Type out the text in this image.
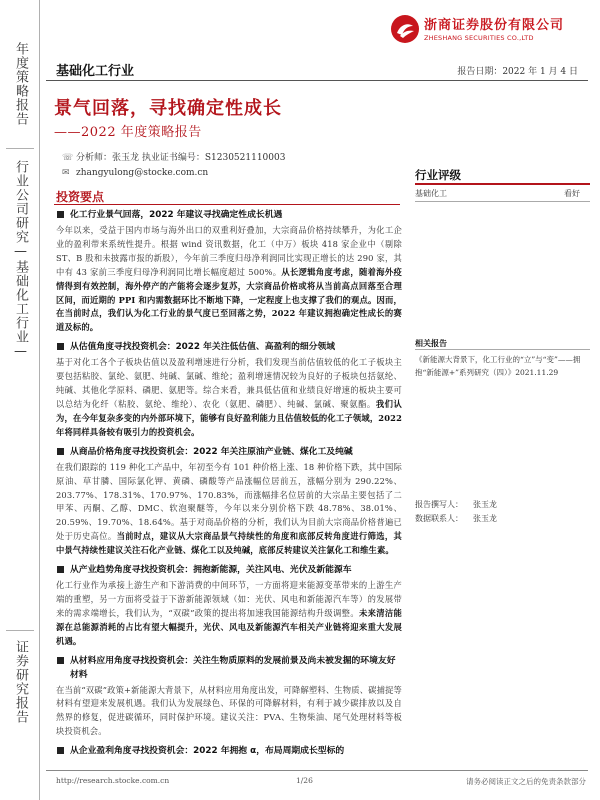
年度策略报告
行业公司研究—基础化工行业—
证券研究报告
浙商证券股份有限公司
ZHESHANG SECURITIES CO.,LTD
基础化工行业	报告日期：2022 年 1 月 4 日
景气回落，寻找确定性成长
——2022 年度策略报告
☏ 分析师：张玉龙 执业证书编号：S1230521110003
✉ zhangyulong@stocke.com.cn	行业评级
基础化工	看好
相关报告
《新能源大背景下，化工行业的“立”与“变”——拥抱“新能源+”系列研究（四）》2021.11.29
报告撰写人： 张玉龙
数据联系人： 张玉龙
投资要点
化工行业景气回落，2022 年建议寻找确定性成长机遇
今年以来，受益于国内市场与海外出口的双重利好叠加，大宗商品价格持续攀升，为化工企业的盈利带来系统性提升。根据 wind 资讯数据，化工（中万）板块 418 家企业中（剔除 ST、B 股和未披露市报的新股），今年前三季度归母净利润同比实现正增长的达 290 家，其中有 43 家前三季度归母净利润同比增长幅度超过 500%。从长逻辑角度考虑，随着海外疫情得到有效控制，海外停产的产能将会逐步复苏，大宗商品价格或将从当前高点回落至合理区间，而近期的 PPI 和内需数据环比不断地下降，一定程度上也支撑了我们的观点。因而，在当前时点，我们认为化工行业的景气度已至回落之势，2022 年建议拥抱确定性成长的赛道及标的。
从估值角度寻找投资机会：2022 年关注低估值、高盈利的细分领域
基于对化工各个子板块估值以及盈利增速进行分析，我们发现当前估值较低的化工子板块主要包括粘胶、氯纶、氨肥、纯碱、氯碱、维纶；盈利增速情况较为良好的子板块包括氨纶、纯碱、其他化学原料、磷肥、氨肥等。综合来看，兼具低估值和业绩良好增速的板块主要可以总结为化纤（粘胶、氨纶、维纶）、农化（氨肥、磷肥）、纯碱、氯碱、聚氨酯。我们认为，在今年复杂多变的内外部环境下，能够有良好盈利能力且估值较低的化工子领域，2022 年将同样具备较有吸引力的投资机会。
从商品价格角度寻找投资机会：2022 年关注原油产业链、煤化工及纯碱
在我们跟踪的 119 种化工产品中，年初至今有 101 种价格上涨、18 种价格下跌，其中国际原油、草甘膦、国际氯化钾、黄磷、磷酸等产品涨幅位居前五，涨幅分别为 290.22%、203.77%、178.31%、170.97%、170.83%，而涨幅排名位居前的大宗品主要包括了二甲苯、丙酮、乙醇、DMC、软泡聚醚等，今年以来分别价格下跌 48.78%、38.01%、20.59%、19.70%、18.64%。基于对商品价格的分析，我们认为目前大宗商品价格普遍已处于历史高位。当前时点，建议从大宗商品景气持续性的角度和底部反转角度进行筛选，其中景气持续性建议关注石化产业链、煤化工以及纯碱，底部反转建议关注氯化工和维生素。
从产业趋势角度寻找投资机会：拥抱新能源，关注风电、光伏及新能源车
化工行业作为承接上游生产和下游消费的中间环节，一方面将迎来能源变革带来的上游生产端的重塑，另一方面将受益于下游新能源领域（如：光伏、风电和新能源汽车等）的发展带来的需求端增长，我们认为，“双碳”政策的提出将加速我国能源结构升级调整。未来清洁能源在总能源消耗的占比有望大幅提升，光伏、风电及新能源汽车相关产业链将迎来重大发展机遇。
从材料应用角度寻找投资机会：关注生物质原料的发展前景及尚未被发掘的环境友好材料
在当前“双碳”政策+新能源大背景下，从材料应用角度出发，可降解塑料、生物质、碳捕捉等材料有望迎来发展机遇。我们认为发展绿色、环保的可降解材料，有利于减少碳排放以及自然界的修复，促进碳循环，同时保护环境。建议关注：PVA、生物柴油、尾气处理材料等板块投资机会。
从企业盈利角度寻找投资机会：2022 年拥抱 α，布局周期成长型标的
http://research.stocke.com.cn	1/26	请务必阅读正文之后的免责条款部分
